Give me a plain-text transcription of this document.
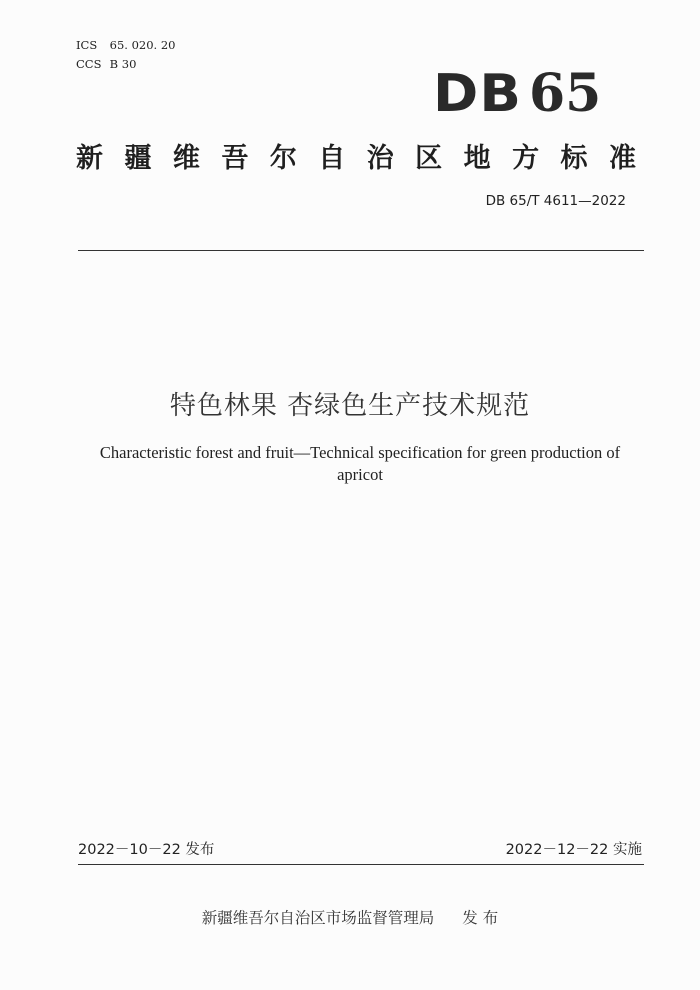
ICS 65. 020. 20
CCS B 30	DB 65
新 疆 维 吾 尔 自 治 区 地 方 标 准
DB 65/T 4611—2022
特色林果 杏绿色生产技术规范
Characteristic forest and fruit—Technical specification for green production of apricot
2022－10－22 发布	2022－12－22 实施
新疆维吾尔自治区市场监督管理局 发 布
